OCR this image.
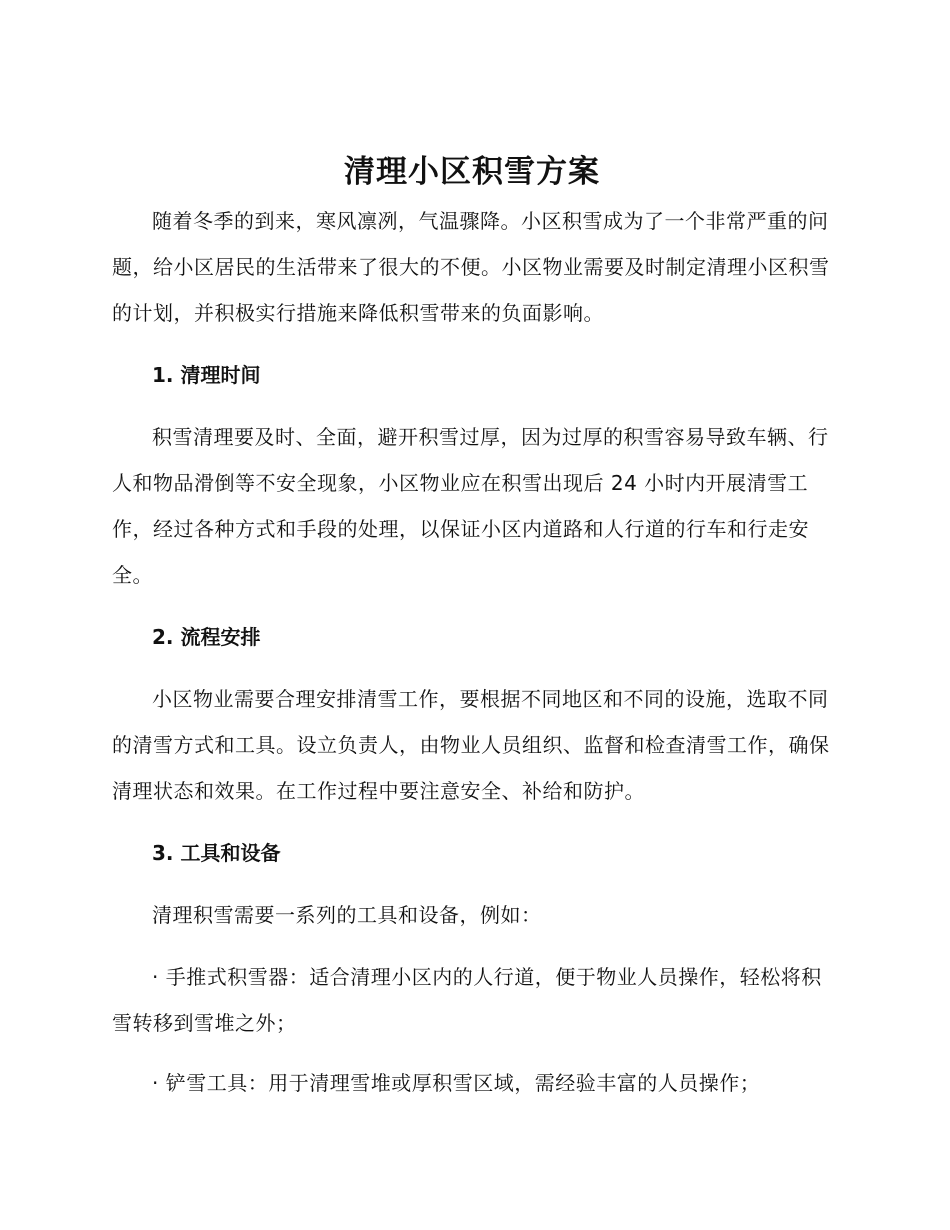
清理小区积雪方案

随着冬季的到来，寒风凛冽，气温骤降。小区积雪成为了一个非常严重的问题，给小区居民的生活带来了很大的不便。小区物业需要及时制定清理小区积雪的计划，并积极实行措施来降低积雪带来的负面影响。

1. 清理时间

积雪清理要及时、全面，避开积雪过厚，因为过厚的积雪容易导致车辆、行人和物品滑倒等不安全现象，小区物业应在积雪出现后 24 小时内开展清雪工作，经过各种方式和手段的处理，以保证小区内道路和人行道的行车和行走安全。

2. 流程安排

小区物业需要合理安排清雪工作，要根据不同地区和不同的设施，选取不同的清雪方式和工具。设立负责人，由物业人员组织、监督和检查清雪工作，确保清理状态和效果。在工作过程中要注意安全、补给和防护。

3. 工具和设备

清理积雪需要一系列的工具和设备，例如：

· 手推式积雪器：适合清理小区内的人行道，便于物业人员操作，轻松将积雪转移到雪堆之外；

· 铲雪工具：用于清理雪堆或厚积雪区域，需经验丰富的人员操作；
